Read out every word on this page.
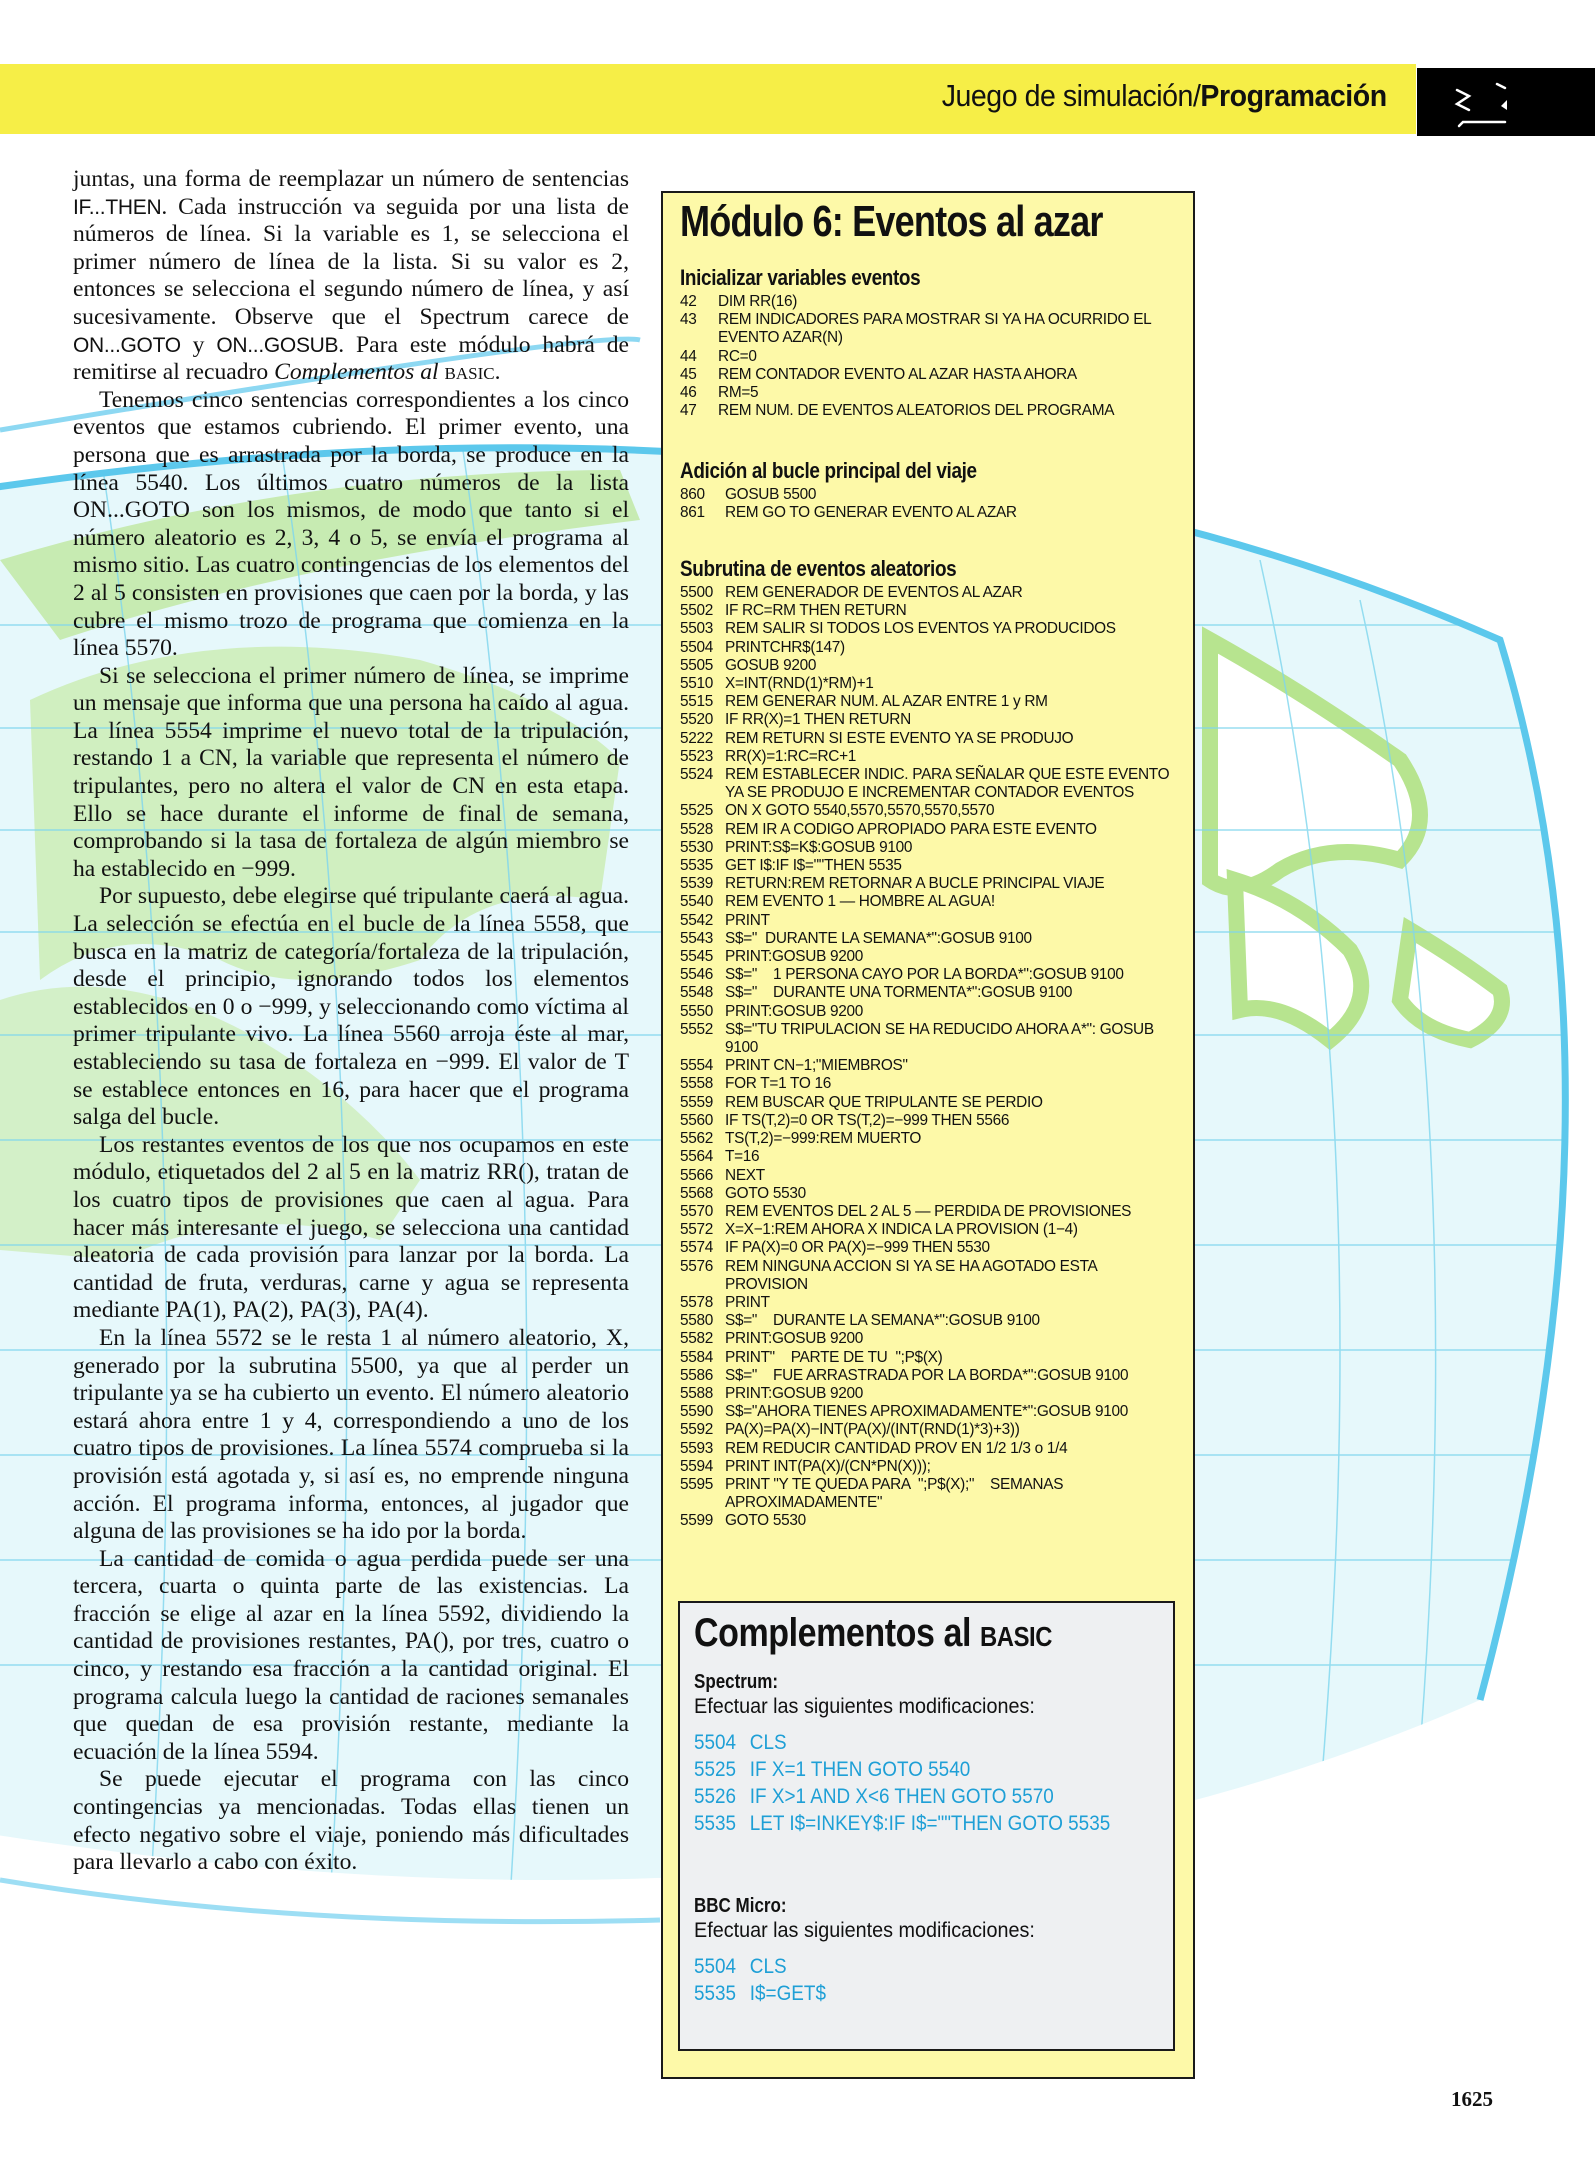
Juego de simulación/Programación

juntas, una forma de reemplazar un número de sentencias IF...THEN. Cada instrucción va seguida por una lista de números de línea. Si la variable es 1, se selecciona el primer número de línea de la lista. Si su valor es 2, entonces se selecciona el segundo número de línea, y así sucesivamente. Observe que el Spectrum carece de ON...GOTO y ON...GOSUB. Para este módulo habrá de remitirse al recuadro Complementos al basic.

Tenemos cinco sentencias correspondientes a los cinco eventos que estamos cubriendo. El primer evento, una persona que es arrastrada por la borda, se produce en la línea 5540. Los últimos cuatro números de la lista ON...GOTO son los mismos, de modo que tanto si el número aleatorio es 2, 3, 4 o 5, se envía el programa al mismo sitio. Las cuatro contingencias de los elementos del 2 al 5 consisten en provisiones que caen por la borda, y las cubre el mismo trozo de programa que comienza en la línea 5570.

Si se selecciona el primer número de línea, se imprime un mensaje que informa que una persona ha caído al agua. La línea 5554 imprime el nuevo total de la tripulación, restando 1 a CN, la variable que representa el número de tripulantes, pero no altera el valor de CN en esta etapa. Ello se hace durante el informe de final de semana, comprobando si la tasa de fortaleza de algún miembro se ha establecido en −999.

Por supuesto, debe elegirse qué tripulante caerá al agua. La selección se efectúa en el bucle de la línea 5558, que busca en la matriz de categoría/fortaleza de la tripulación, desde el principio, ignorando todos los elementos establecidos en 0 o −999, y seleccionando como víctima al primer tripulante vivo. La línea 5560 arroja éste al mar, estableciendo su tasa de fortaleza en −999. El valor de T se establece entonces en 16, para hacer que el programa salga del bucle.

Los restantes eventos de los que nos ocupamos en este módulo, etiquetados del 2 al 5 en la matriz RR(), tratan de los cuatro tipos de provisiones que caen al agua. Para hacer más interesante el juego, se selecciona una cantidad aleatoria de cada provisión para lanzar por la borda. La cantidad de fruta, verduras, carne y agua se representa mediante PA(1), PA(2), PA(3), PA(4).

En la línea 5572 se le resta 1 al número aleatorio, X, generado por la subrutina 5500, ya que al perder un tripulante ya se ha cubierto un evento. El número aleatorio estará ahora entre 1 y 4, correspondiendo a uno de los cuatro tipos de provisiones. La línea 5574 comprueba si la provisión está agotada y, si así es, no emprende ninguna acción. El programa informa, entonces, al jugador que alguna de las provisiones se ha ido por la borda.

La cantidad de comida o agua perdida puede ser una tercera, cuarta o quinta parte de las existencias. La fracción se elige al azar en la línea 5592, dividiendo la cantidad de provisiones restantes, PA(), por tres, cuatro o cinco, y restando esa fracción a la cantidad original. El programa calcula luego la cantidad de raciones semanales que quedan de esa provisión restante, mediante la ecuación de la línea 5594.

Se puede ejecutar el programa con las cinco contingencias ya mencionadas. Todas ellas tienen un efecto negativo sobre el viaje, poniendo más dificultades para llevarlo a cabo con éxito.

Módulo 6: Eventos al azar
Inicializar variables eventos
42	DIM RR(16)
43	REM INDICADORES PARA MOSTRAR SI YA HA OCURRIDO EL EVENTO AZAR(N)
44	RC=0
45	REM CONTADOR EVENTO AL AZAR HASTA AHORA
46	RM=5
47	REM NUM. DE EVENTOS ALEATORIOS DEL PROGRAMA
Adición al bucle principal del viaje
860	GOSUB 5500
861	REM GO TO GENERAR EVENTO AL AZAR
Subrutina de eventos aleatorios
5500 REM GENERADOR DE EVENTOS AL AZAR
5502 IF RC=RM THEN RETURN
5503 REM SALIR SI TODOS LOS EVENTOS YA PRODUCIDOS
5504 PRINTCHR$(147)
5505 GOSUB 9200
5510 X=INT(RND(1)*RM)+1
5515 REM GENERAR NUM. AL AZAR ENTRE 1 y RM
5520 IF RR(X)=1 THEN RETURN
5222 REM RETURN SI ESTE EVENTO YA SE PRODUJO
5523 RR(X)=1:RC=RC+1
5524 REM ESTABLECER INDIC. PARA SEÑALAR QUE ESTE EVENTO YA SE PRODUJO E INCREMENTAR CONTADOR EVENTOS
5525 ON X GOTO 5540,5570,5570,5570,5570
5528 REM IR A CODIGO APROPIADO PARA ESTE EVENTO
5530 PRINT:S$=K$:GOSUB 9100
5535 GET I$:IF I$=""THEN 5535
5539 RETURN:REM RETORNAR A BUCLE PRINCIPAL VIAJE
5540 REM EVENTO 1 — HOMBRE AL AGUA!
5542 PRINT
5543 S$="  DURANTE LA SEMANA*":GOSUB 9100
5545 PRINT:GOSUB 9200
5546 S$="    1 PERSONA CAYO POR LA BORDA*":GOSUB 9100
5548 S$="    DURANTE UNA TORMENTA*":GOSUB 9100
5550 PRINT:GOSUB 9200
5552 S$="TU TRIPULACION SE HA REDUCIDO AHORA A*": GOSUB 9100
5554 PRINT CN−1;"MIEMBROS"
5558 FOR T=1 TO 16
5559 REM BUSCAR QUE TRIPULANTE SE PERDIO
5560 IF TS(T,2)=0 OR TS(T,2)=−999 THEN 5566
5562 TS(T,2)=−999:REM MUERTO
5564 T=16
5566 NEXT
5568 GOTO 5530
5570 REM EVENTOS DEL 2 AL 5 — PERDIDA DE PROVISIONES
5572 X=X−1:REM AHORA X INDICA LA PROVISION (1−4)
5574 IF PA(X)=0 OR PA(X)=−999 THEN 5530
5576 REM NINGUNA ACCION SI YA SE HA AGOTADO ESTA PROVISION
5578 PRINT
5580 S$="    DURANTE LA SEMANA*":GOSUB 9100
5582 PRINT:GOSUB 9200
5584 PRINT"    PARTE DE TU  ";P$(X)
5586 S$="    FUE ARRASTRADA POR LA BORDA*":GOSUB 9100
5588 PRINT:GOSUB 9200
5590 S$="AHORA TIENES APROXIMADAMENTE*":GOSUB 9100
5592 PA(X)=PA(X)−INT(PA(X)/(INT(RND(1)*3)+3))
5593 REM REDUCIR CANTIDAD PROV EN 1/2 1/3 o 1/4
5594 PRINT INT(PA(X)/(CN*PN(X)));
5595 PRINT "Y TE QUEDA PARA  ";P$(X);"    SEMANAS APROXIMADAMENTE"
5599 GOTO 5530
Complementos al BASIC
Spectrum:
Efectuar las siguientes modificaciones:
5504 CLS
5525 IF X=1 THEN GOTO 5540
5526 IF X>1 AND X<6 THEN GOTO 5570
5535 LET I$=INKEY$:IF I$=""THEN GOTO 5535
BBC Micro:
Efectuar las siguientes modificaciones:
5504 CLS
5535 I$=GET$
1625
